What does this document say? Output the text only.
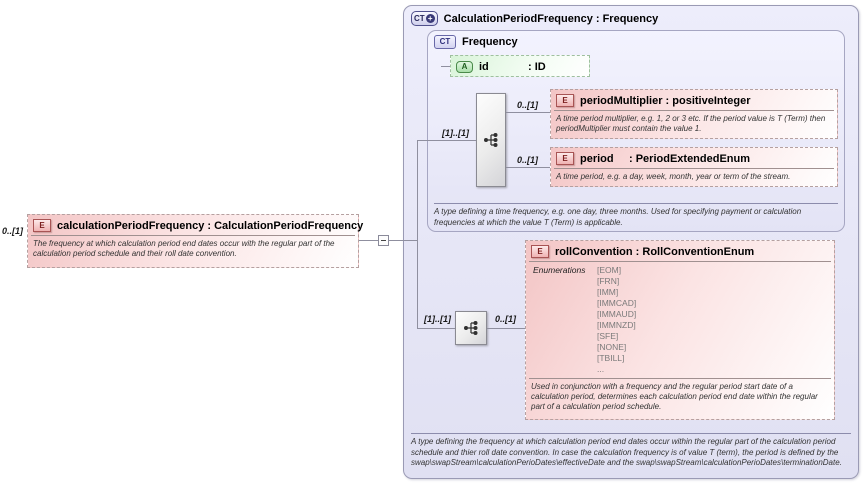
CT + CalculationPeriodFrequency : Frequency
A type defining the frequency at which calculation period end dates occur within the regular part of the calculation period schedule and thier roll date convention. In case the calculation frequency is of value T (term), the period is defined by the swap\swapStream\calculationPerioDates\effectiveDate and the swap\swapStream\calculationPerioDates\terminationDate.
CT	Frequency
A type defining a time frequency, e.g. one day, three months. Used for specifying payment or calculation frequencies at which the value T (Term) is applicable.
A	id	: ID
E	periodMultiplier : positiveInteger
A time period multiplier, e.g. 1, 2 or 3 etc. If the period value is T (Term) then periodMultiplier must contain the value 1.
E	period	: PeriodExtendedEnum
A time period, e.g. a day, week, month, year or term of the stream.
E	rollConvention : RollConventionEnum
Enumerations	[EOM]
[FRN]
[IMM]
[IMMCAD]
[IMMAUD]
[IMMNZD]
[SFE]
[NONE]
[TBILL]
...
Used in conjunction with a frequency and the regular period start date of a calculation period, determines each calculation period end date within the regular part of a calculation period schedule.
E	calculationPeriodFrequency : CalculationPeriodFrequency
The frequency at which calculation period end dates occur with the regular part of the calculation period schedule and their roll date convention.
0..[1]
[1]..[1]
0..[1]
0..[1]
[1]..[1]	0..[1]
